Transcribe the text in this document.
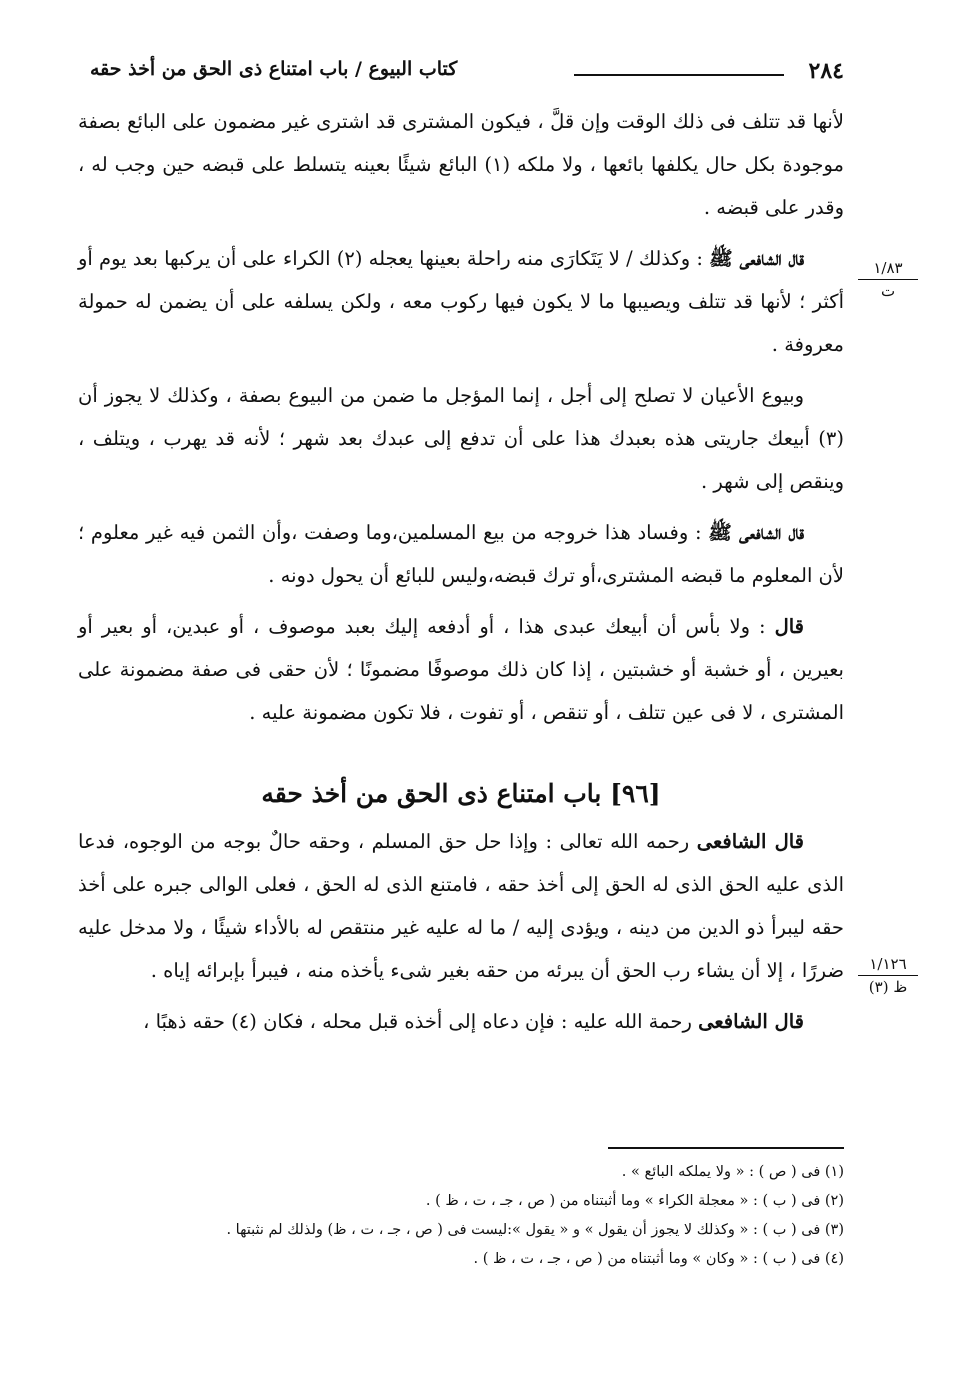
٢٨٤
كتاب البيوع / باب امتناع ذى الحق من أخذ حقه
١/٨٣
ت
١/١٢٦
ظ (٣)

لأنها قد تتلف فى ذلك الوقت وإن قلَّ ، فيكون المشترى قد اشترى غير مضمون على البائع بصفة موجودة بكل حال يكلفها بائعها ، ولا ملكه (١) البائع شيئًا بعينه يتسلط على قبضه حين وجب له ، وقدر على قبضه .

قال الشافعى ﷺ : وكذلك / لا يَتَكارَى منه راحلة بعينها يعجله (٢) الكراء على أن يركبها بعد يوم أو أكثر ؛ لأنها قد تتلف ويصيبها ما لا يكون فيها ركوب معه ، ولكن يسلفه على أن يضمن له حمولة معروفة .

وبيوع الأعيان لا تصلح إلى أجل ، إنما المؤجل ما ضمن من البيوع بصفة ، وكذلك لا يجوز أن (٣) أبيعك جاريتى هذه بعبدك هذا على أن تدفع إلى عبدك بعد شهر ؛ لأنه قد يهرب ، ويتلف ، وينقص إلى شهر .

قال الشافعى ﷺ : وفساد هذا خروجه من بيع المسلمين،وما وصفت ،وأن الثمن فيه غير معلوم ؛لأن المعلوم ما قبضه المشترى،أو ترك قبضه،وليس للبائع أن يحول دونه .

قال : ولا بأس أن أبيعك عبدى هذا ، أو أدفعه إليك بعبد موصوف ، أو عبدين، أو بعير أو بعيرين ، أو خشبة أو خشبتين ، إذا كان ذلك موصوفًا مضمونًا ؛ لأن حقى فى صفة مضمونة على المشترى ، لا فى عين تتلف ، أو تنقص ، أو تفوت ، فلا تكون مضمونة عليه .

[٩٦] باب امتناع ذى الحق من أخذ حقه

قال الشافعى رحمه الله تعالى : وإذا حل حق المسلم ، وحقه حالٌ بوجه من الوجوه، فدعا الذى عليه الحق الذى له الحق إلى أخذ حقه ، فامتنع الذى له الحق ، فعلى الوالى جبره على أخذ حقه ليبرأ ذو الدين من دينه ، ويؤدى إليه / ما له عليه غير منتقص له بالأداء شيئًا ، ولا مدخل عليه ضررًا ، إلا أن يشاء رب الحق أن يبرئه من حقه بغير شىء يأخذه منه ، فيبرأ بإبرائه إياه .

قال الشافعى رحمة الله عليه : فإن دعاه إلى أخذه قبل محله ، فكان (٤) حقه ذهبًا ،

(١) فى ( ص ) : « ولا يملكه البائع » .
(٢) فى ( ب ) : « معجلة الكراء » وما أثبتناه من ( ص ، جـ ، ت ، ظ ) .
(٣) فى ( ب ) : « وكذلك لا يجوز أن يقول » و « يقول »:ليست فى ( ص ، جـ ، ت ، ظ) ولذلك لم نثبتها .
(٤) فى ( ب ) : « وكان » وما أثبتناه من ( ص ، جـ ، ت ، ظ ) .
